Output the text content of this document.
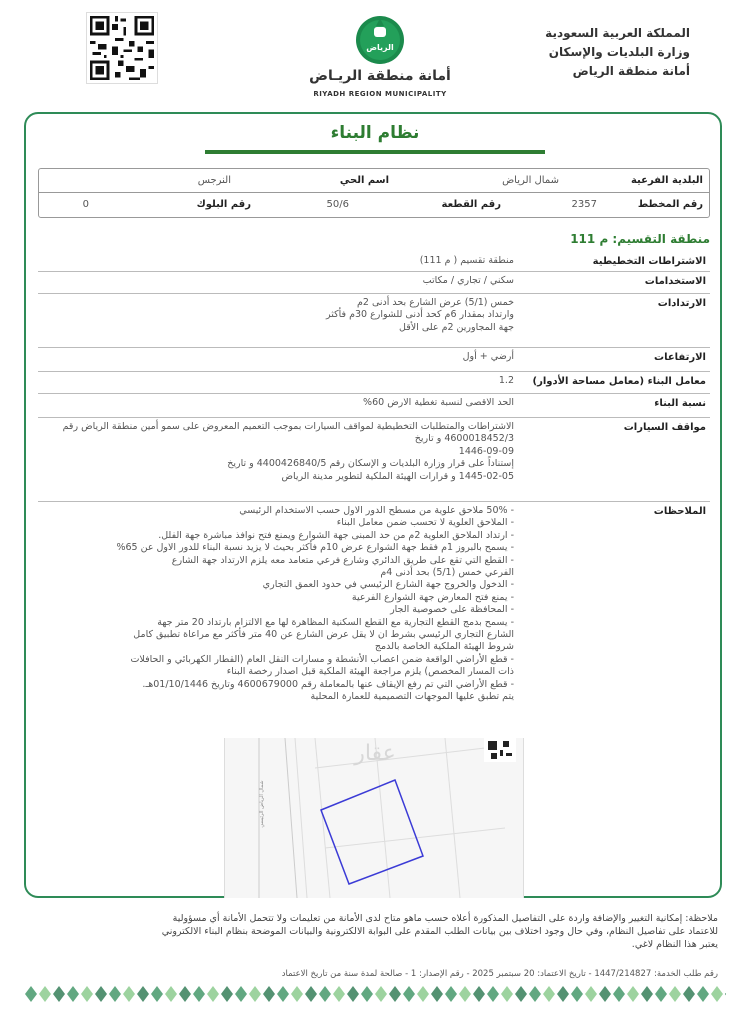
الرياض
أمانة منطقة الريـاض
RIYADH REGION MUNICIPALITY
المملكة العربية السعودية
وزارة البلديات والإسكان
أمانة منطقة الرياض
نظام البناء
البلدية الفرعية
شمال الرياض
اسم الحي
النرجس
رقم المخطط
2357
رقم القطعة
50/6
رقم البلوك
0
منطقة التقسيم: م 111
الاشتراطات التخطيطية

منطقة تقسيم ( م 111)

الاستخدامات

سكني / تجاري / مكاتب

الارتدادات

خمس (5/1) عرض الشارع بحد أدنى 2م

وارتداد بمقدار 6م كحد أدنى للشوارع 30م فأكثر

جهة المجاورين 2م على الأقل

الارتفاعات

أرضي + أول

معامل البناء (معامل مساحة الأدوار)

1.2

نسبة البناء

الحد الاقصى لنسبة تغطية الارض 60%

مواقف السيارات

الاشتراطات والمتطلبات التخطيطية لمواقف السيارات بموجب التعميم المعروض على سمو أمين منطقة الرياض رقم 4600018452/3 و تاريخ

1446-09-09

إستناداً على قرار وزارة البلديات و الإسكان رقم 4400426840/5 و تاريخ

1445-02-05 و قرارات الهيئة الملكية لتطوير مدينة الرياض

الملاحظات

- 50% ملاحق علوية من مسطح الدور الاول حسب الاستخدام الرئيسي

- الملاحق العلوية لا تحسب ضمن معامل البناء

- ارتداد الملاحق العلوية 2م من حد المبنى جهة الشوارع ويمنع فتح نوافذ مباشرة جهة الفلل.

- يسمح بالبروز 1م فقط جهة الشوارع عرض 10م فأكثر بحيث لا يزيد نسبة البناء للدور الاول عن 65%

- القطع التي تقع على طريق الدائري وشارع فرعي متعامد معه يلزم الارتداد جهة الشارع

الفرعي خمس (5/1) بحد أدنى 4م

- الدخول والخروج جهة الشارع الرئيسي في حدود العمق التجاري

- يمنع فتح المعارض جهة الشوارع الفرعية

- المحافظة على خصوصية الجار

- يسمح بدمج القطع التجارية مع القطع السكنية المظاهرة لها مع الالتزام بارتداد 20 متر جهة

الشارع التجاري الرئيسي بشرط ان لا يقل عرض الشارع عن 40 متر فأكثر مع مراعاة تطبيق كامل

شروط الهيئة الملكية الخاصة بالدمج

- قطع الأراضي الواقعة ضمن اعصاب الأنشطة و مسارات النقل العام (القطار الكهربائي و الحافلات

ذات المسار المخصص) يلزم مراجعة الهيئة الملكية قبل اصدار رخصة البناء

- قطع الأراضي التي تم رفع الإيقاف عنها بالمعاملة رقم 4600679000 وتاريخ 01/10/1446هـ.

يتم تطبق عليها الموجهات التصميمية للعمارة المحلية

عقار
شمال الرياض الرئيسي
ملاحظة: إمكانية التغيير والإضافة واردة على التفاصيل المذكورة أعلاه حسب ماهو متاح لدى الأمانة من تعليمات ولا تتحمل الأمانة أي مسؤولية
للاعتماد على تفاصيل النظام، وفي حال وجود اختلاف بين بيانات الطلب المقدم على البوابة الالكترونية والبيانات الموضحة بنظام البناء الالكتروني
يعتبر هذا النظام لاغي.
رقم طلب الخدمة: 1447/214827 - تاريخ الاعتماد: 20 سبتمبر 2025 - رقم الإصدار: 1 - صالحة لمدة سنة من تاريخ الاعتماد
